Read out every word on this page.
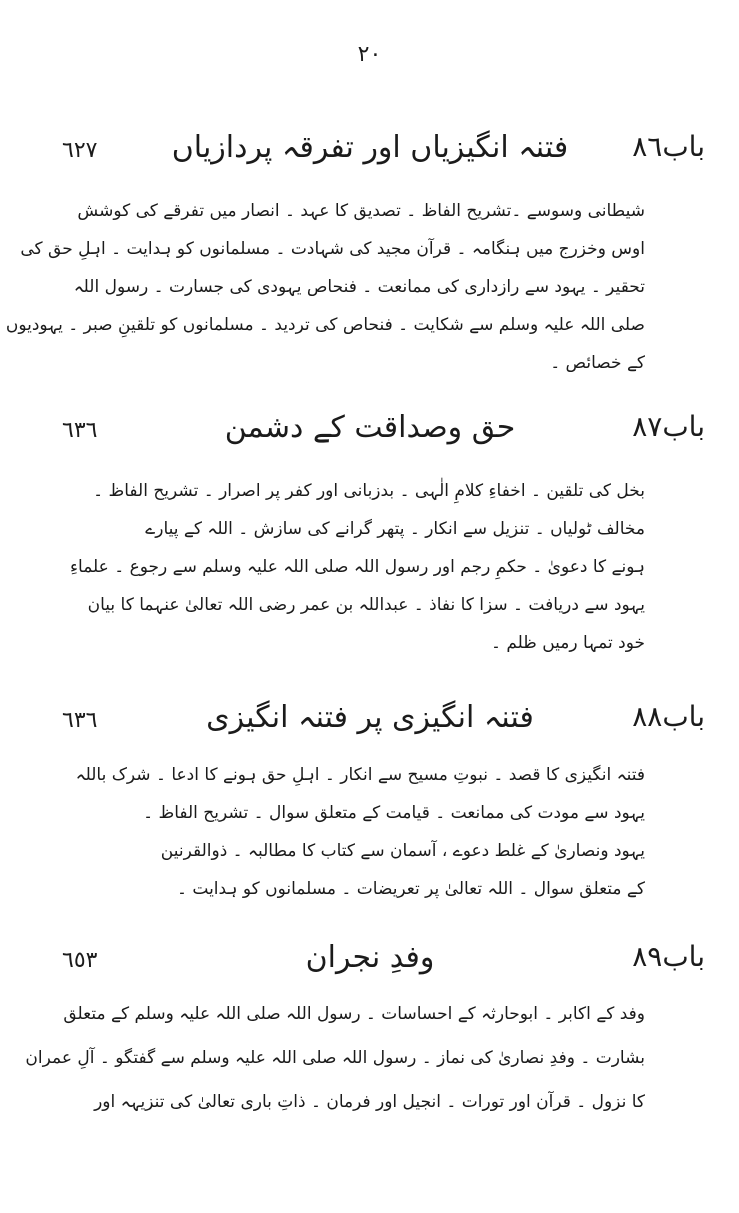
٢٠
باب٨٦
فتنہ انگیزیاں اور تفرقہ پردازیاں
٦٢٧
شیطانی وسوسے ۔تشریح الفاظ ۔ تصدیق کا عہد ۔ انصار میں تفرقے کی کوشش
اوس وخزرج میں ہنگامہ ۔ قرآن مجید کی شہادت ۔ مسلمانوں کو ہدایت ۔ اہلِ حق کی
تحقیر ۔ یہود سے رازداری کی ممانعت ۔ فنحاص یہودی کی جسارت ۔ رسول اللہ
صلی اللہ علیہ وسلم سے شکایت ۔ فنحاص کی تردید ۔ مسلمانوں کو تلقینِ صبر ۔ یہودیوں
کے خصائص ۔
باب٨٧
حق وصداقت کے دشمن
٦٣٦
بخل کی تلقین ۔ اخفاءِ کلامِ الٰہی ۔ بدزبانی اور کفر پر اصرار ۔ تشریح الفاظ ۔
مخالف ٹولیاں ۔ تنزیل سے انکار ۔ پتھر گرانے کی سازش ۔ اللہ کے پیارے
ہونے کا دعویٰ ۔ حکمِ رجم اور رسول اللہ صلی اللہ علیہ وسلم سے رجوع ۔ علماءِ
یہود سے دریافت ۔ سزا کا نفاذ ۔ عبداللہ بن عمر رضی اللہ تعالیٰ عنہما کا بیان
خود تمہا رمیں ظلم ۔
باب٨٨
فتنہ انگیزی پر فتنہ انگیزی
٦٣٦
فتنہ انگیزی کا قصد ۔ نبوتِ مسیح سے انکار ۔ اہلِ حق ہونے کا ادعا ۔ شرک باللہ
یہود سے مودت کی ممانعت ۔ قیامت کے متعلق سوال ۔ تشریح الفاظ ۔
یہود ونصاریٰ کے غلط دعوے ، آسمان سے کتاب کا مطالبہ ۔ ذوالقرنین
کے متعلق سوال ۔ اللہ تعالیٰ پر تعریضات ۔ مسلمانوں کو ہدایت ۔
باب٨٩
وفدِ نجران
٦٥٣
وفد کے اکابر ۔ ابوحارثہ کے احساسات ۔ رسول اللہ صلی اللہ علیہ وسلم کے متعلق
بشارت ۔ وفدِ نصاریٰ کی نماز ۔ رسول اللہ صلی اللہ علیہ وسلم سے گفتگو ۔ آلِ عمران
کا نزول ۔ قرآن اور تورات ۔ انجیل اور فرمان ۔ ذاتِ باری تعالیٰ کی تنزیہہ اور
